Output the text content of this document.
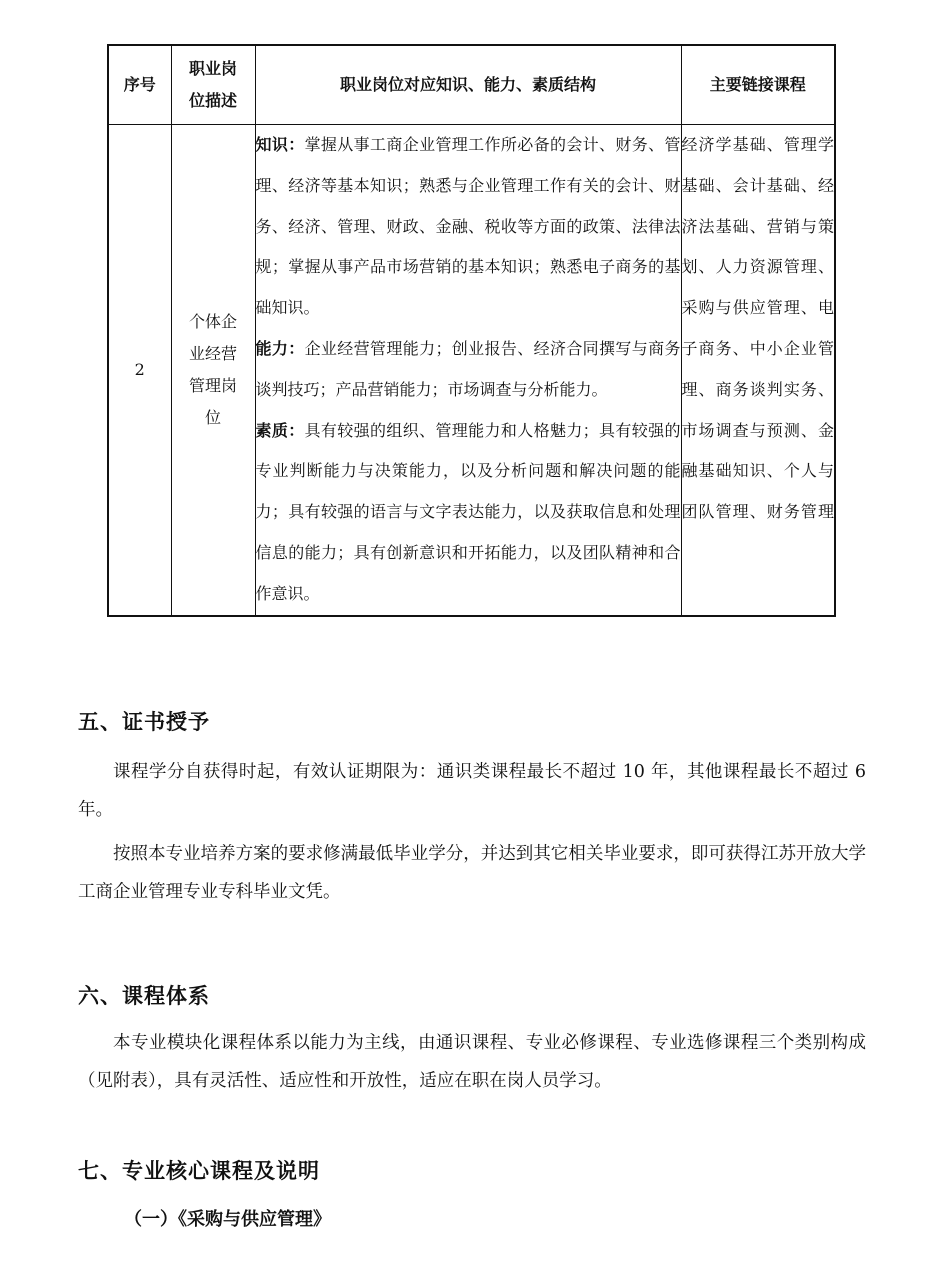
序号	职业岗位描述	职业岗位对应知识、能力、素质结构	主要链接课程
2	个体企业经营管理岗位	知识：掌握从事工商企业管理工作所必备的会计、财务、管理、经济等基本知识；熟悉与企业管理工作有关的会计、财务、经济、管理、财政、金融、税收等方面的政策、法律法规；掌握从事产品市场营销的基本知识；熟悉电子商务的基础知识。

能力：企业经营管理能力；创业报告、经济合同撰写与商务谈判技巧；产品营销能力；市场调查与分析能力。

素质：具有较强的组织、管理能力和人格魅力；具有较强的专业判断能力与决策能力，以及分析问题和解决问题的能力；具有较强的语言与文字表达能力，以及获取信息和处理信息的能力；具有创新意识和开拓能力，以及团队精神和合作意识。	经济学基础、管理学基础、会计基础、经济法基础、营销与策划、人力资源管理、采购与供应管理、电子商务、中小企业管理、商务谈判实务、市场调查与预测、金融基础知识、个人与团队管理、财务管理
五、证书授予

课程学分自获得时起，有效认证期限为：通识类课程最长不超过 10 年，其他课程最长不超过 6 年。

按照本专业培养方案的要求修满最低毕业学分，并达到其它相关毕业要求，即可获得江苏开放大学工商企业管理专业专科毕业文凭。

六、课程体系

本专业模块化课程体系以能力为主线，由通识课程、专业必修课程、专业选修课程三个类别构成（见附表），具有灵活性、适应性和开放性，适应在职在岗人员学习。

七、专业核心课程及说明
（一）《采购与供应管理》
